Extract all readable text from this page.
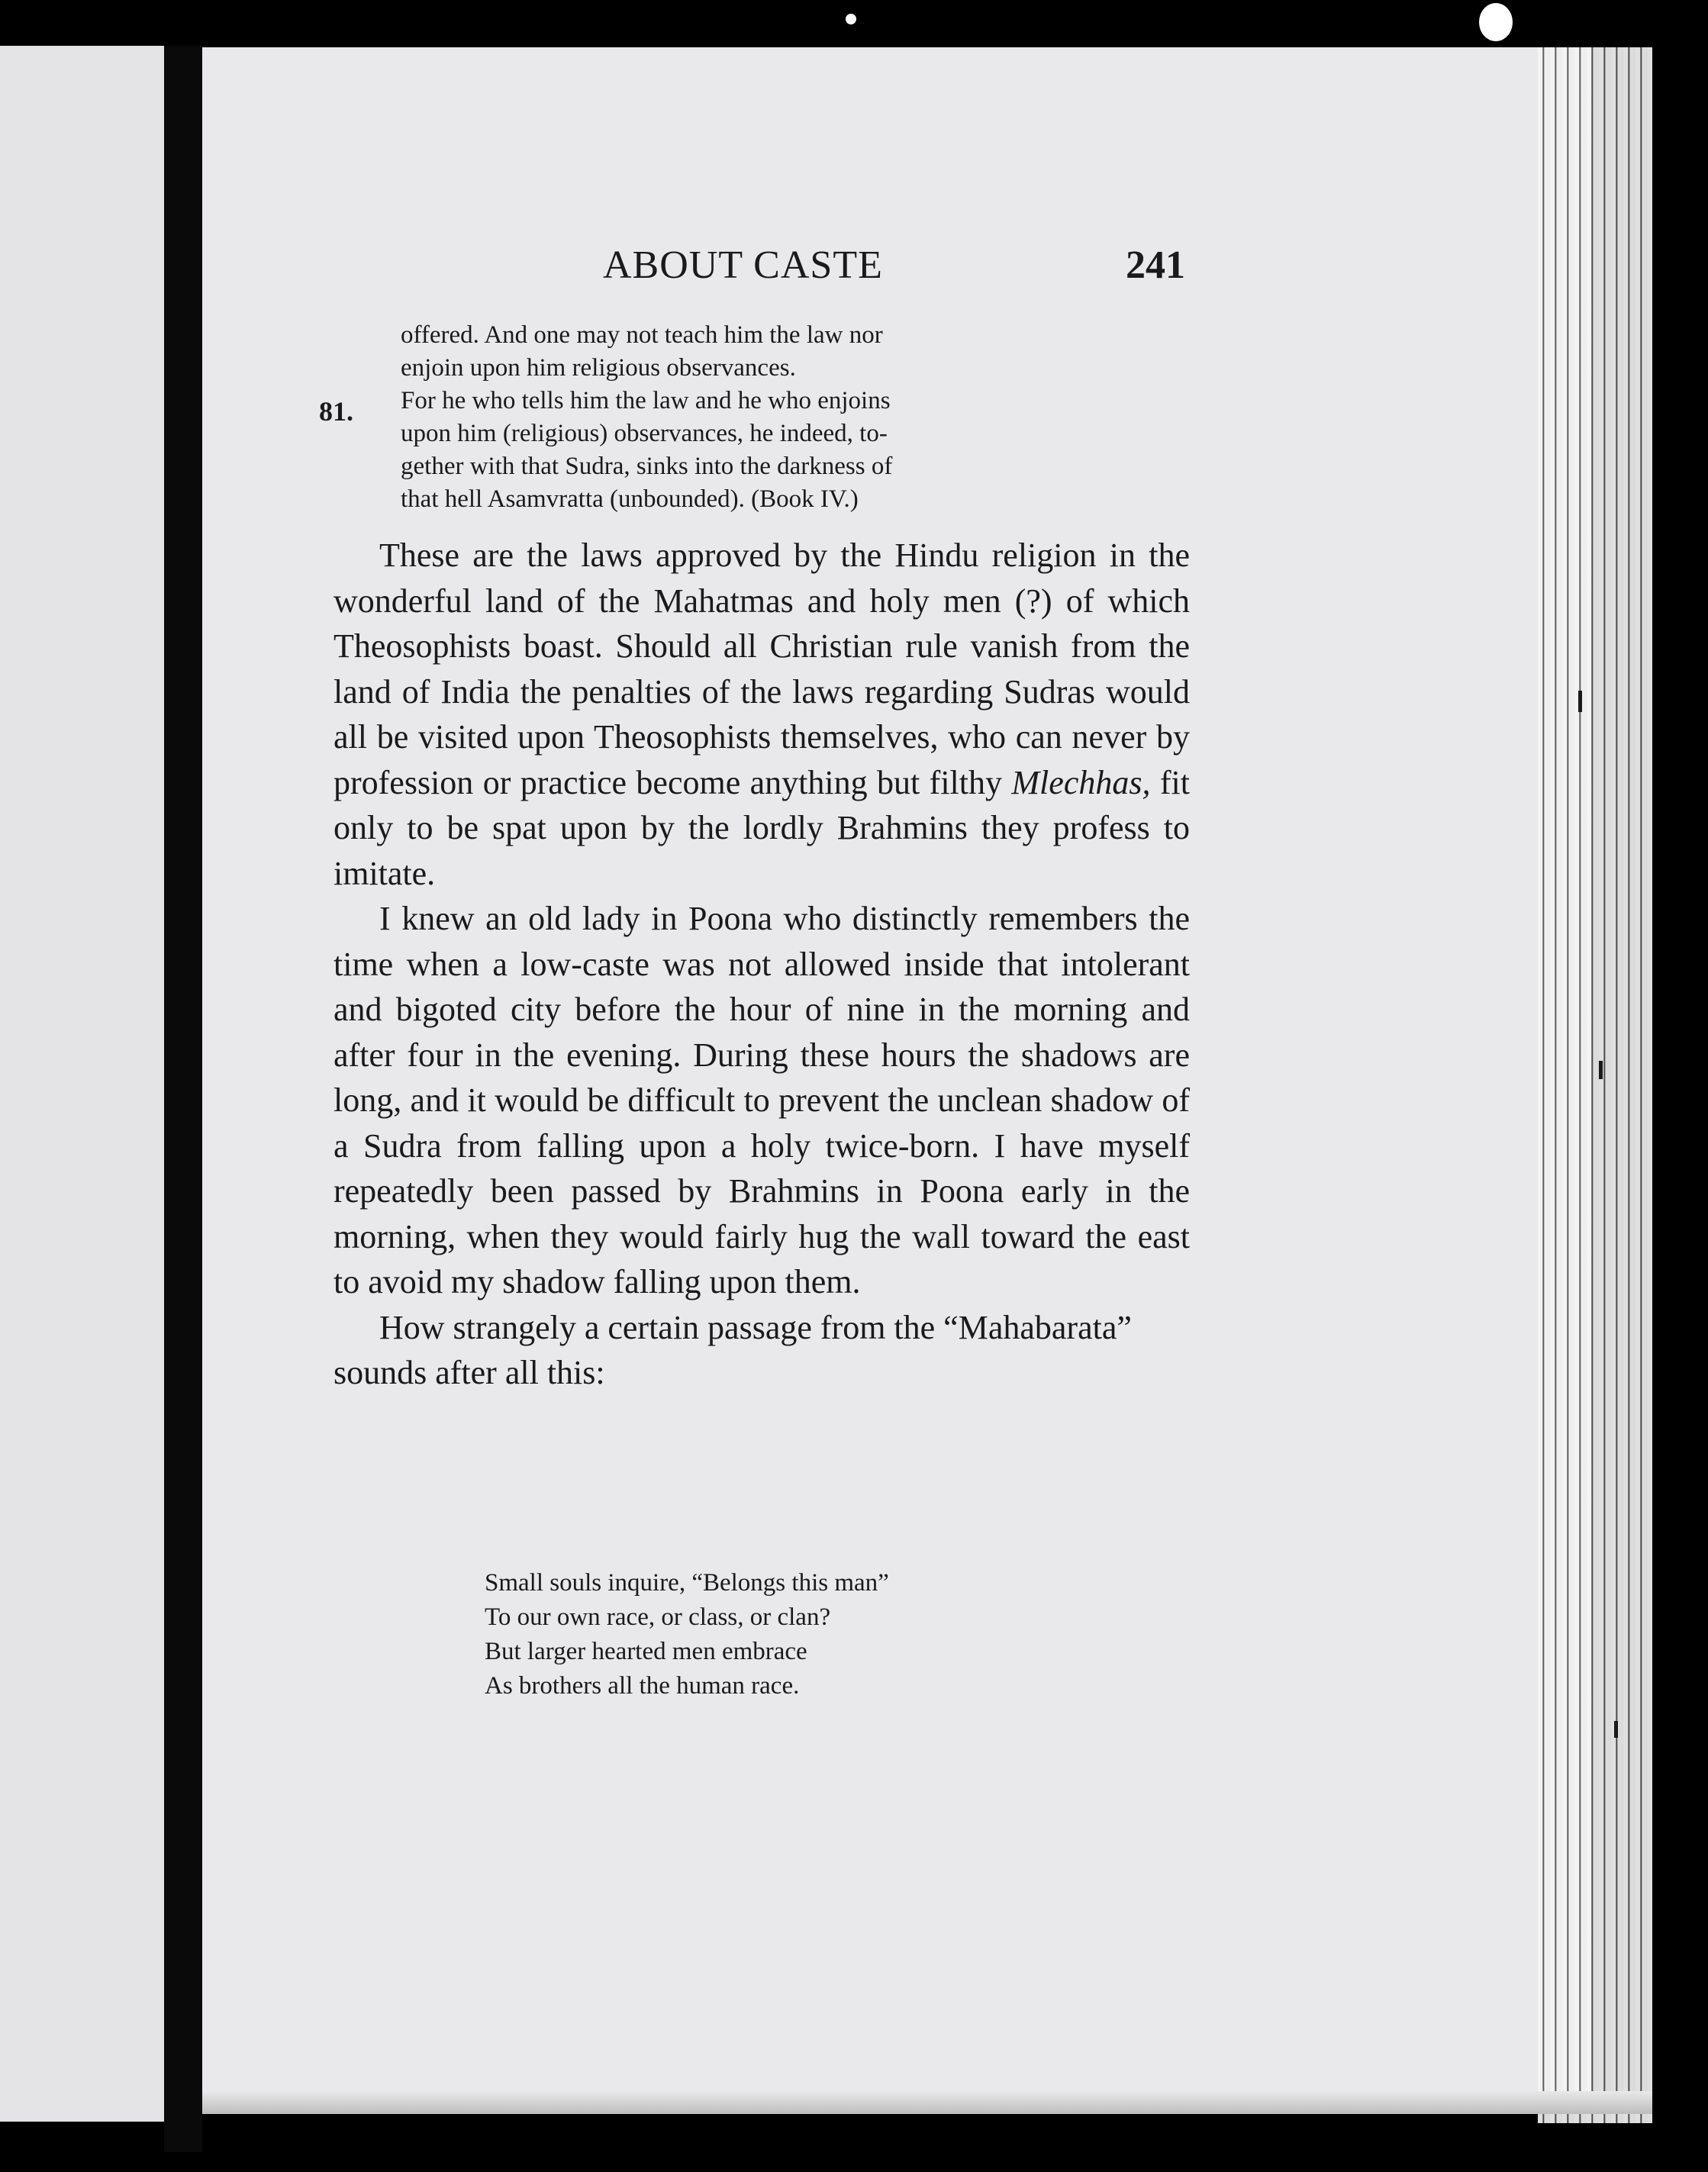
ABOUT CASTE	241

offered. And one may not teach him the law nor

enjoin upon him religious observances.

For he who tells him the law and he who enjoins

upon him (religious) observances, he indeed, to-

gether with that Sudra, sinks into the darkness of

that hell Asamvratta (unbounded). (Book IV.)

81.

These are the laws approved by the Hindu religion in the wonderful land of the Mahatmas and holy men (?) of which Theosophists boast. Should all Christian rule vanish from the land of India the penalties of the laws regarding Sudras would all be visited upon Theosophists themselves, who can never by profession or practice become anything but filthy Mlechhas, fit only to be spat upon by the lordly Brahmins they profess to imitate.

I knew an old lady in Poona who distinctly remembers the time when a low-caste was not allowed inside that intolerant and bigoted city before the hour of nine in the morning and after four in the evening. During these hours the shadows are long, and it would be difficult to prevent the unclean shadow of a Sudra from falling upon a holy twice-born. I have myself repeatedly been passed by Brahmins in Poona early in the morning, when they would fairly hug the wall toward the east to avoid my shadow falling upon them.

How strangely a certain passage from the “Mahabarata” sounds after all this:

Small souls inquire, “Belongs this man”
To our own race, or class, or clan?
But larger hearted men embrace
As brothers all the human race.
